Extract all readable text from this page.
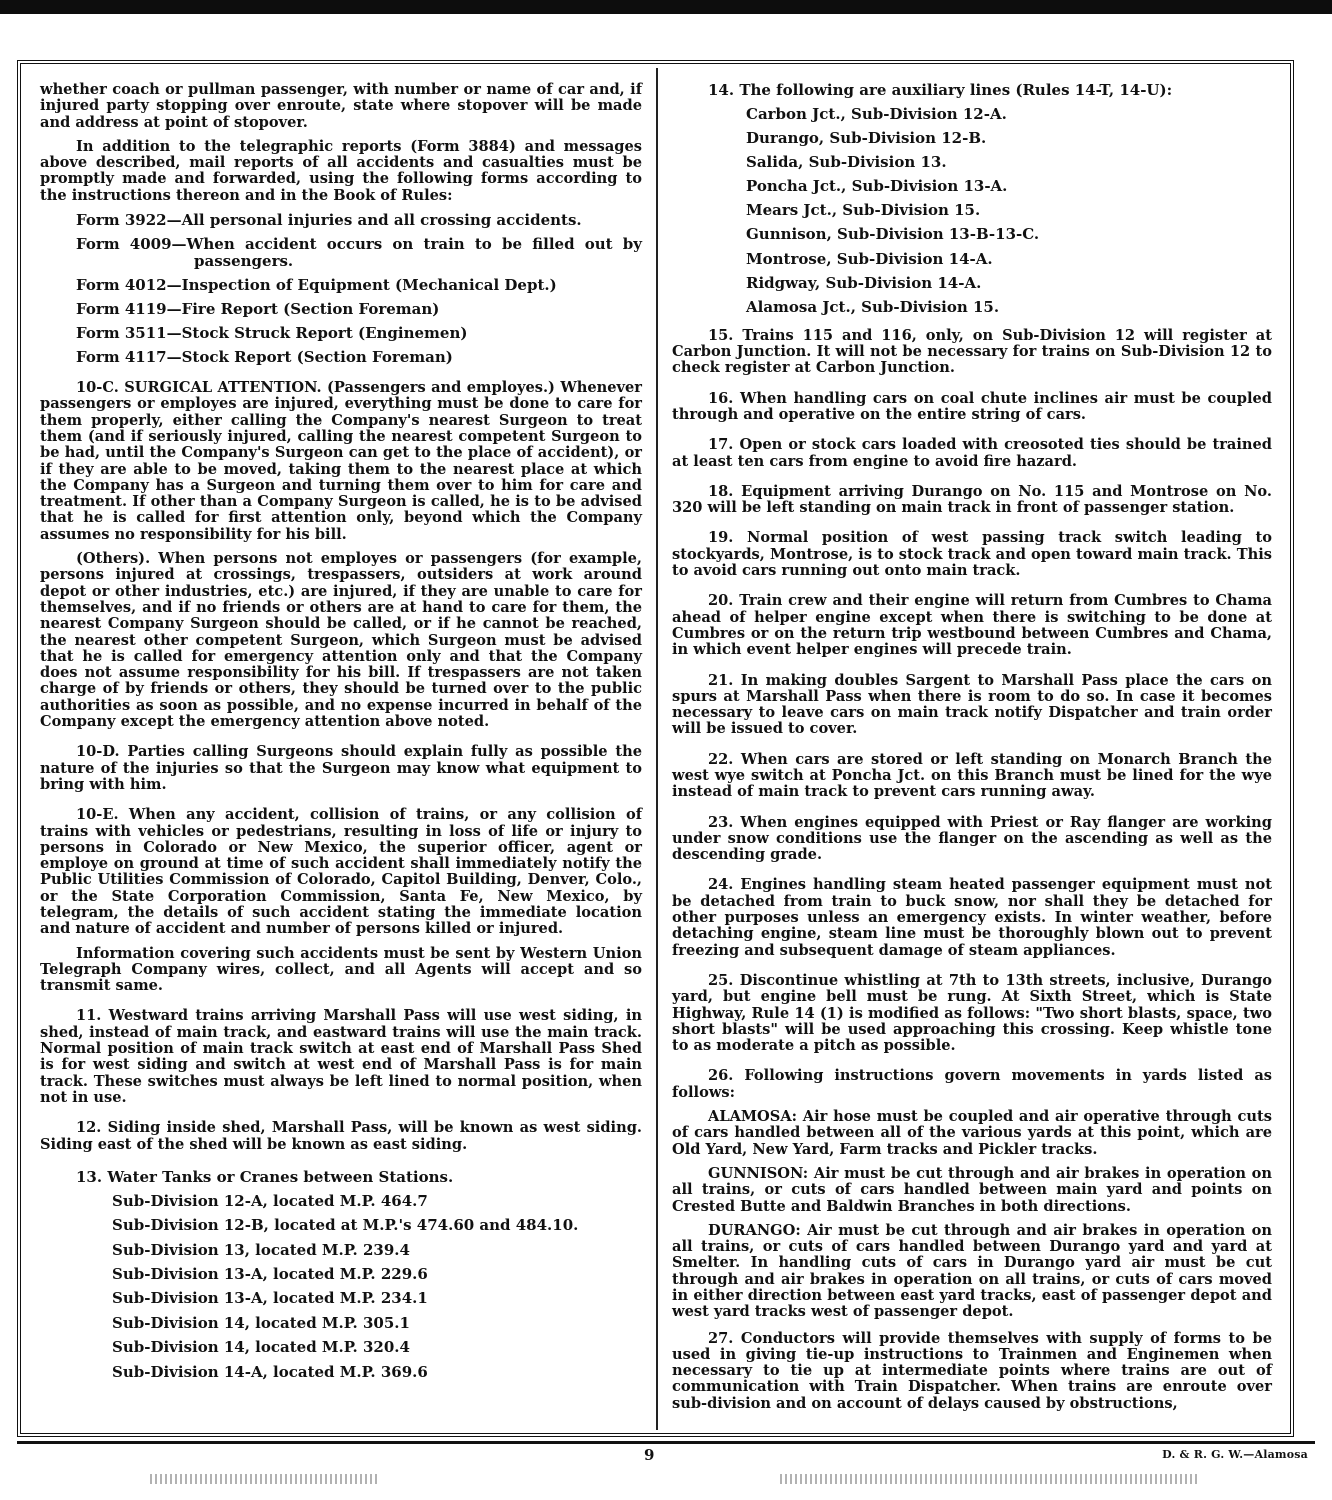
whether coach or pullman passenger, with number or name of car and, if injured party stopping over enroute, state where stopover will be made and address at point of stopover.

In addition to the telegraphic reports (Form 3884) and messages above described, mail reports of all accidents and casualties must be promptly made and forwarded, using the following forms according to the instructions thereon and in the Book of Rules:

Form 3922—All personal injuries and all crossing accidents.
Form 4009—When accident occurs on train to be filled out by passengers.
Form 4012—Inspection of Equipment (Mechanical Dept.)
Form 4119—Fire Report (Section Foreman)
Form 3511—Stock Struck Report (Enginemen)
Form 4117—Stock Report (Section Foreman)

10-C. SURGICAL ATTENTION. (Passengers and employes.) Whenever passengers or employes are injured, everything must be done to care for them properly, either calling the Company's nearest Surgeon to treat them (and if seriously injured, calling the nearest competent Surgeon to be had, until the Company's Surgeon can get to the place of accident), or if they are able to be moved, taking them to the nearest place at which the Company has a Surgeon and turning them over to him for care and treatment. If other than a Company Surgeon is called, he is to be advised that he is called for first attention only, beyond which the Company assumes no responsibility for his bill.

(Others). When persons not employes or passengers (for example, persons injured at crossings, trespassers, outsiders at work around depot or other industries, etc.) are injured, if they are unable to care for themselves, and if no friends or others are at hand to care for them, the nearest Company Surgeon should be called, or if he cannot be reached, the nearest other competent Surgeon, which Surgeon must be advised that he is called for emergency attention only and that the Company does not assume responsibility for his bill. If trespassers are not taken charge of by friends or others, they should be turned over to the public authorities as soon as possible, and no expense incurred in behalf of the Company except the emergency attention above noted.

10-D. Parties calling Surgeons should explain fully as possible the nature of the injuries so that the Surgeon may know what equipment to bring with him.

10-E. When any accident, collision of trains, or any collision of trains with vehicles or pedestrians, resulting in loss of life or injury to persons in Colorado or New Mexico, the superior officer, agent or employe on ground at time of such accident shall immediately notify the Public Utilities Commission of Colorado, Capitol Building, Denver, Colo., or the State Corporation Commission, Santa Fe, New Mexico, by telegram, the details of such accident stating the immediate location and nature of accident and number of persons killed or injured.

Information covering such accidents must be sent by Western Union Telegraph Company wires, collect, and all Agents will accept and so transmit same.

11. Westward trains arriving Marshall Pass will use west siding, in shed, instead of main track, and eastward trains will use the main track. Normal position of main track switch at east end of Marshall Pass Shed is for west siding and switch at west end of Marshall Pass is for main track. These switches must always be left lined to normal position, when not in use.

12. Siding inside shed, Marshall Pass, will be known as west siding. Siding east of the shed will be known as east siding.

13. Water Tanks or Cranes between Stations.

Sub-Division 12-A, located M.P. 464.7
Sub-Division 12-B, located at M.P.'s 474.60 and 484.10.
Sub-Division 13, located M.P. 239.4
Sub-Division 13-A, located M.P. 229.6
Sub-Division 13-A, located M.P. 234.1
Sub-Division 14, located M.P. 305.1
Sub-Division 14, located M.P. 320.4
Sub-Division 14-A, located M.P. 369.6

14. The following are auxiliary lines (Rules 14-T, 14-U):

Carbon Jct., Sub-Division 12-A.
Durango, Sub-Division 12-B.
Salida, Sub-Division 13.
Poncha Jct., Sub-Division 13-A.
Mears Jct., Sub-Division 15.
Gunnison, Sub-Division 13-B-13-C.
Montrose, Sub-Division 14-A.
Ridgway, Sub-Division 14-A.
Alamosa Jct., Sub-Division 15.

15. Trains 115 and 116, only, on Sub-Division 12 will register at Carbon Junction. It will not be necessary for trains on Sub-Division 12 to check register at Carbon Junction.

16. When handling cars on coal chute inclines air must be coupled through and operative on the entire string of cars.

17. Open or stock cars loaded with creosoted ties should be trained at least ten cars from engine to avoid fire hazard.

18. Equipment arriving Durango on No. 115 and Montrose on No. 320 will be left standing on main track in front of passenger station.

19. Normal position of west passing track switch leading to stockyards, Montrose, is to stock track and open toward main track. This to avoid cars running out onto main track.

20. Train crew and their engine will return from Cumbres to Chama ahead of helper engine except when there is switching to be done at Cumbres or on the return trip westbound between Cumbres and Chama, in which event helper engines will precede train.

21. In making doubles Sargent to Marshall Pass place the cars on spurs at Marshall Pass when there is room to do so. In case it becomes necessary to leave cars on main track notify Dispatcher and train order will be issued to cover.

22. When cars are stored or left standing on Monarch Branch the west wye switch at Poncha Jct. on this Branch must be lined for the wye instead of main track to prevent cars running away.

23. When engines equipped with Priest or Ray flanger are working under snow conditions use the flanger on the ascending as well as the descending grade.

24. Engines handling steam heated passenger equipment must not be detached from train to buck snow, nor shall they be detached for other purposes unless an emergency exists. In winter weather, before detaching engine, steam line must be thoroughly blown out to prevent freezing and subsequent damage of steam appliances.

25. Discontinue whistling at 7th to 13th streets, inclusive, Durango yard, but engine bell must be rung. At Sixth Street, which is State Highway, Rule 14 (1) is modified as follows: "Two short blasts, space, two short blasts" will be used approaching this crossing. Keep whistle tone to as moderate a pitch as possible.

26. Following instructions govern movements in yards listed as follows:

ALAMOSA: Air hose must be coupled and air operative through cuts of cars handled between all of the various yards at this point, which are Old Yard, New Yard, Farm tracks and Pickler tracks.

GUNNISON: Air must be cut through and air brakes in operation on all trains, or cuts of cars handled between main yard and points on Crested Butte and Baldwin Branches in both directions.

DURANGO: Air must be cut through and air brakes in operation on all trains, or cuts of cars handled between Durango yard and yard at Smelter. In handling cuts of cars in Durango yard air must be cut through and air brakes in operation on all trains, or cuts of cars moved in either direction between east yard tracks, east of passenger depot and west yard tracks west of passenger depot.

27. Conductors will provide themselves with supply of forms to be used in giving tie-up instructions to Trainmen and Enginemen when necessary to tie up at intermediate points where trains are out of communication with Train Dispatcher. When trains are enroute over sub-division and on account of delays caused by obstructions,

9	D. & R. G. W.—Alamosa
